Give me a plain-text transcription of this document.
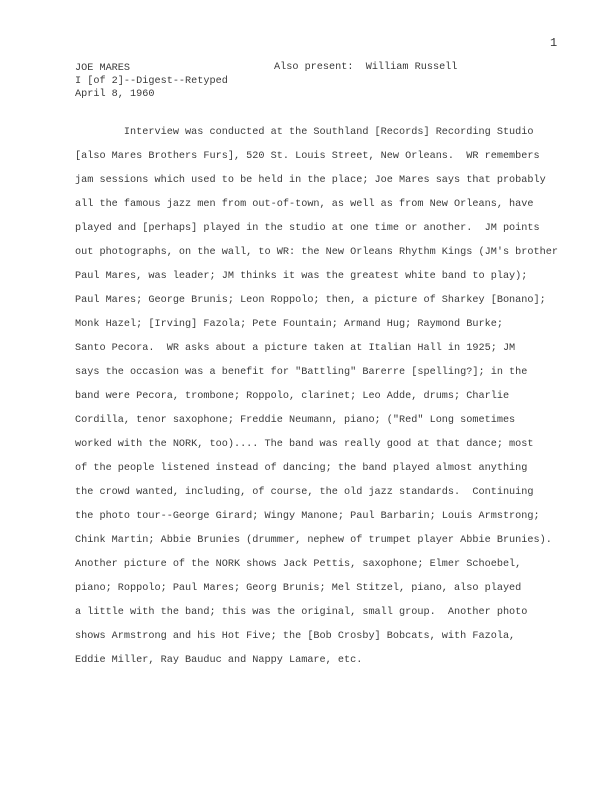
1
JOE MARES
I [of 2]--Digest--Retyped
April 8, 1960
Also present:  William Russell
Interview was conducted at the Southland [Records] Recording Studio
[also Mares Brothers Furs], 520 St. Louis Street, New Orleans.  WR remembers
jam sessions which used to be held in the place; Joe Mares says that probably
all the famous jazz men from out-of-town, as well as from New Orleans, have
played and [perhaps] played in the studio at one time or another.  JM points
out photographs, on the wall, to WR: the New Orleans Rhythm Kings (JM's brother
Paul Mares, was leader; JM thinks it was the greatest white band to play);
Paul Mares; George Brunis; Leon Roppolo; then, a picture of Sharkey [Bonano];
Monk Hazel; [Irving] Fazola; Pete Fountain; Armand Hug; Raymond Burke;
Santo Pecora.  WR asks about a picture taken at Italian Hall in 1925; JM
says the occasion was a benefit for "Battling" Barerre [spelling?]; in the
band were Pecora, trombone; Roppolo, clarinet; Leo Adde, drums; Charlie
Cordilla, tenor saxophone; Freddie Neumann, piano; ("Red" Long sometimes
worked with the NORK, too).... The band was really good at that dance; most
of the people listened instead of dancing; the band played almost anything
the crowd wanted, including, of course, the old jazz standards.  Continuing
the photo tour--George Girard; Wingy Manone; Paul Barbarin; Louis Armstrong;
Chink Martin; Abbie Brunies (drummer, nephew of trumpet player Abbie Brunies).
Another picture of the NORK shows Jack Pettis, saxophone; Elmer Schoebel,
piano; Roppolo; Paul Mares; Georg Brunis; Mel Stitzel, piano, also played
a little with the band; this was the original, small group.  Another photo
shows Armstrong and his Hot Five; the [Bob Crosby] Bobcats, with Fazola,
Eddie Miller, Ray Bauduc and Nappy Lamare, etc.
